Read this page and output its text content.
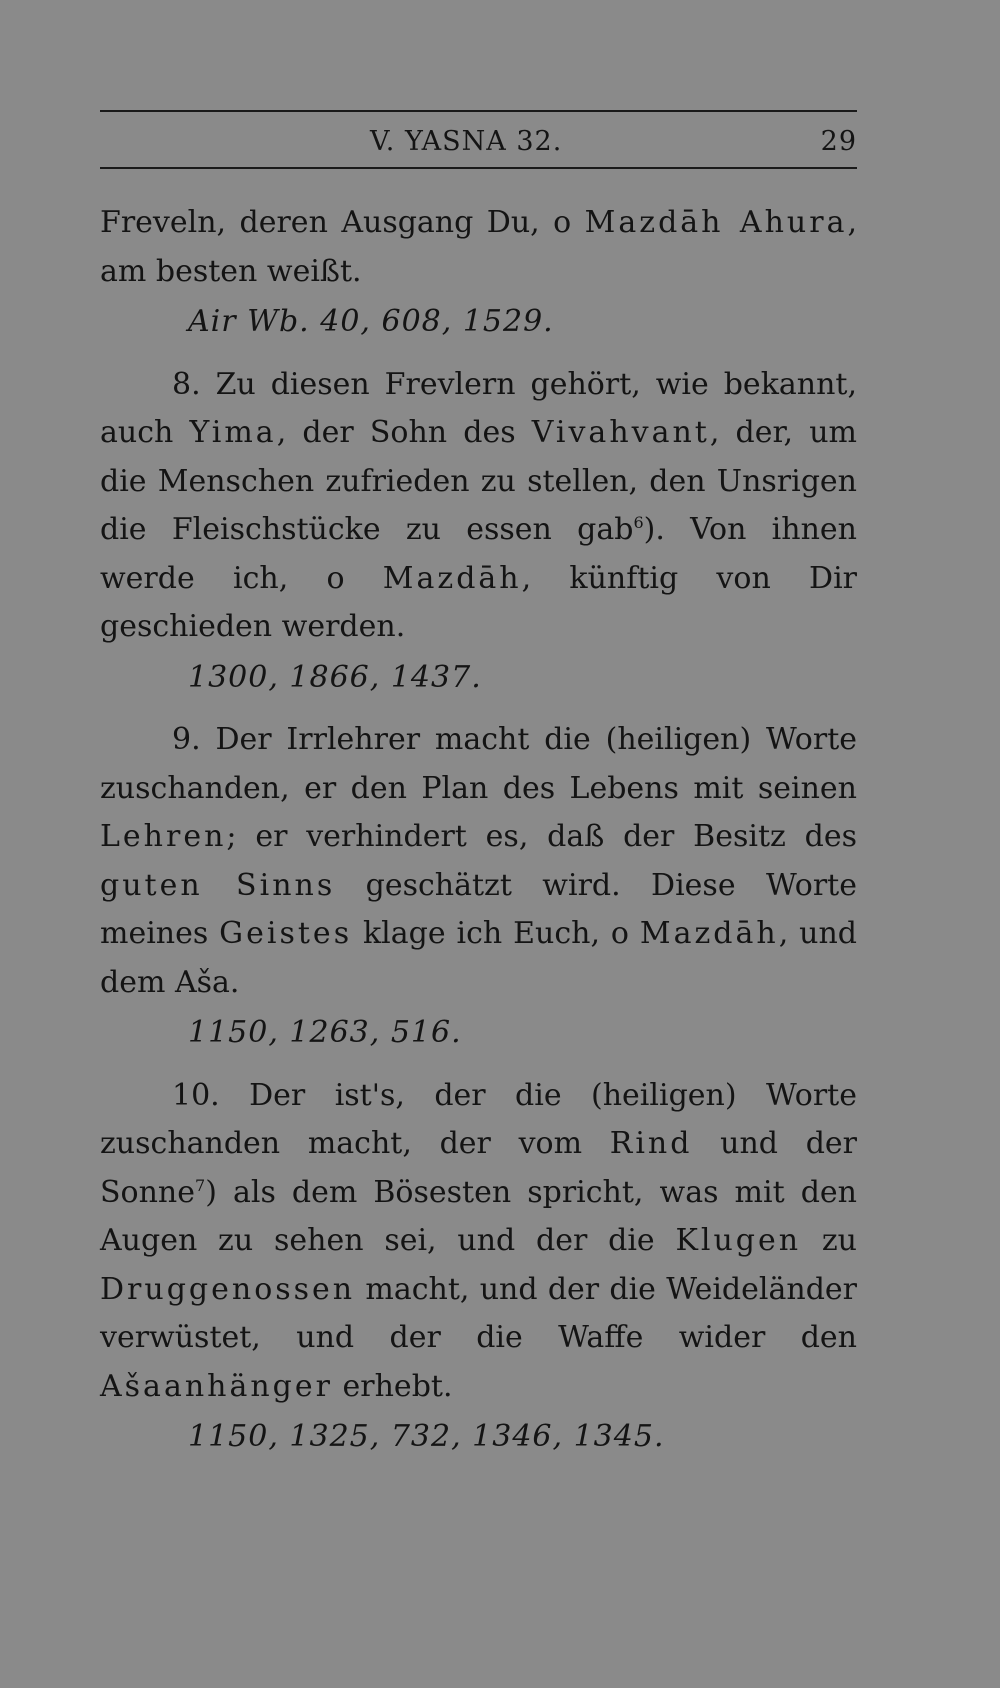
V. YASNA 32.	29

Freveln, deren Ausgang Du, o Mazdāh Ahura, am besten weißt.

Air Wb. 40, 608, 1529.

8. Zu diesen Frevlern gehört, wie bekannt, auch Yima, der Sohn des Vivahvant, der, um die Menschen zufrieden zu stellen, den Unsrigen die Fleischstücke zu essen gab$^6$). Von ihnen werde ich, o Mazdāh, künftig von Dir geschieden werden.

1300, 1866, 1437.

9. Der Irrlehrer macht die (heiligen) Worte zuschanden, er den Plan des Lebens mit seinen Lehren; er verhindert es, daß der Besitz des guten Sinns geschätzt wird. Diese Worte meines Geistes klage ich Euch, o Mazdāh, und dem Aša.

1150, 1263, 516.

10. Der ist's, der die (heiligen) Worte zuschanden macht, der vom Rind und der Sonne$^7$) als dem Bösesten spricht, was mit den Augen zu sehen sei, und der die Klugen zu Druggenossen macht, und der die Weideländer verwüstet, und der die Waffe wider den Ašaanhänger erhebt.

1150, 1325, 732, 1346, 1345.
